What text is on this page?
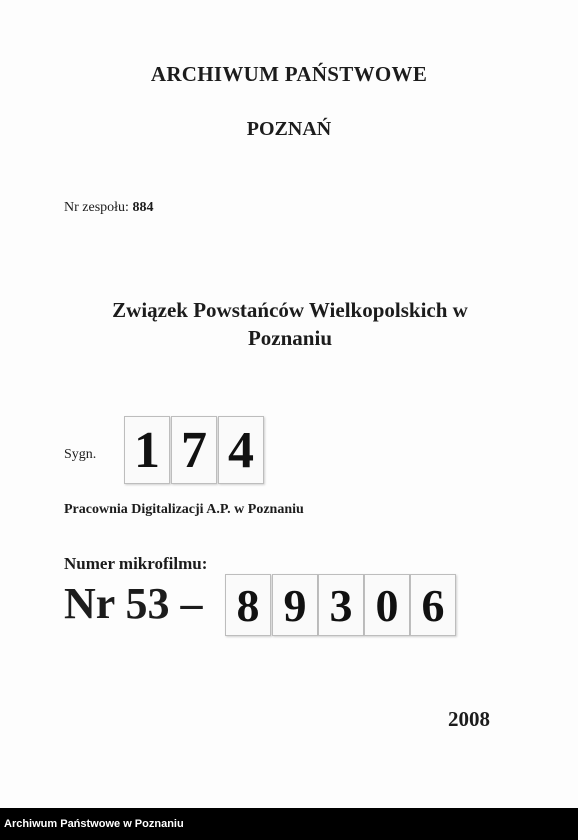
ARCHIWUM PAŃSTWOWE
POZNAŃ
Nr zespołu: 884
Związek Powstańców Wielkopolskich w
Poznaniu
Sygn. 1 7 4
Pracownia Digitalizacji A.P. w Poznaniu
Numer mikrofilmu:
Nr 53 – 8 9 3 0 6
2008
Archiwum Państwowe w Poznaniu
